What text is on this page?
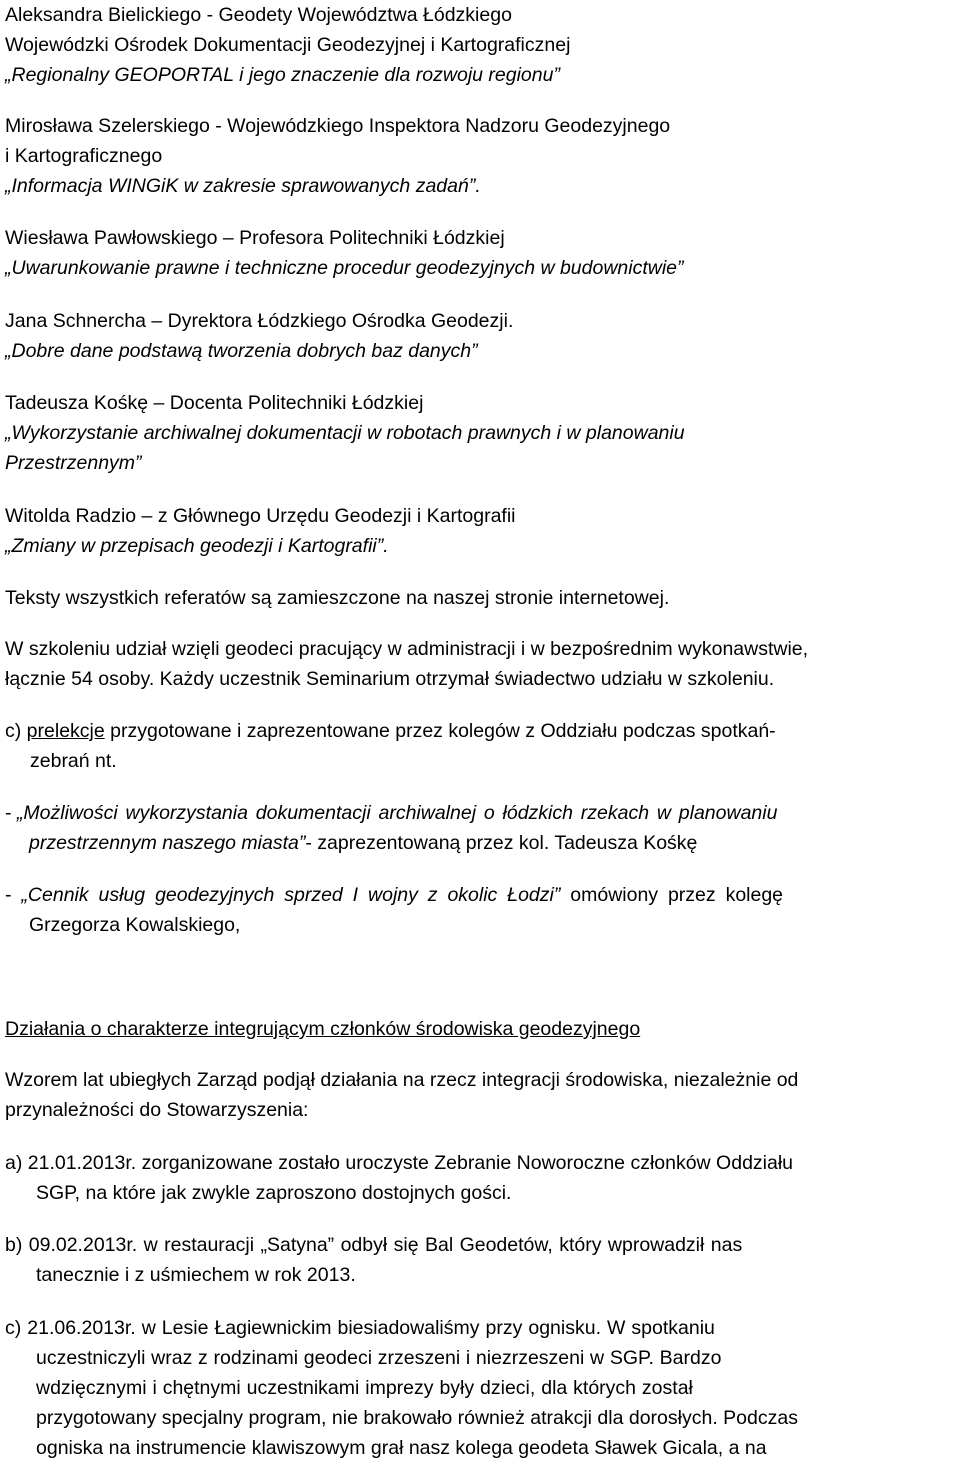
Aleksandra Bielickiego - Geodety Województwa Łódzkiego
Wojewódzki Ośrodek Dokumentacji Geodezyjnej i Kartograficznej
„Regionalny GEOPORTAL i jego znaczenie dla rozwoju regionu”
Mirosława Szelerskiego - Wojewódzkiego Inspektora Nadzoru Geodezyjnego
i Kartograficznego
„Informacja WINGiK w zakresie sprawowanych zadań”.
Wiesława Pawłowskiego – Profesora Politechniki Łódzkiej
„Uwarunkowanie prawne i techniczne procedur geodezyjnych w budownictwie”
Jana Schnercha – Dyrektora Łódzkiego Ośrodka Geodezji.
„Dobre dane podstawą tworzenia dobrych baz danych”
Tadeusza Kośkę – Docenta Politechniki Łódzkiej
„Wykorzystanie archiwalnej dokumentacji w robotach prawnych i w planowaniu
Przestrzennym”
Witolda Radzio – z Głównego Urzędu Geodezji i Kartografii
„Zmiany w przepisach geodezji i Kartografii”.
Teksty wszystkich referatów są zamieszczone na naszej stronie internetowej.
W szkoleniu udział wzięli geodeci pracujący w administracji i w bezpośrednim wykonawstwie,
łącznie 54 osoby. Każdy uczestnik Seminarium otrzymał świadectwo udziału w szkoleniu.
c) prelekcje przygotowane i zaprezentowane przez kolegów z Oddziału podczas spotkań-
zebrań nt.
- „Możliwości wykorzystania dokumentacji archiwalnej o łódzkich rzekach w planowaniu
przestrzennym naszego miasta”- zaprezentowaną przez kol. Tadeusza Kośkę
- „Cennik usług geodezyjnych sprzed I wojny z okolic Łodzi” omówiony przez kolegę
Grzegorza Kowalskiego,
Działania o charakterze integrującym członków środowiska geodezyjnego
Wzorem lat ubiegłych Zarząd podjął działania na rzecz integracji środowiska, niezależnie od
przynależności do Stowarzyszenia:
a) 21.01.2013r. zorganizowane zostało uroczyste Zebranie Noworoczne członków Oddziału
SGP, na które jak zwykle zaproszono dostojnych gości.
b) 09.02.2013r. w restauracji „Satyna” odbył się Bal Geodetów, który wprowadził nas
tanecznie i z uśmiechem w rok 2013.
c) 21.06.2013r. w Lesie Łagiewnickim biesiadowaliśmy przy ognisku. W spotkaniu
uczestniczyli wraz z rodzinami geodeci zrzeszeni i niezrzeszeni w SGP. Bardzo
wdzięcznymi i chętnymi uczestnikami imprezy były dzieci, dla których został
przygotowany specjalny program, nie brakowało również atrakcji dla dorosłych. Podczas
ogniska na instrumencie klawiszowym grał nasz kolega geodeta Sławek Gicala, a na
